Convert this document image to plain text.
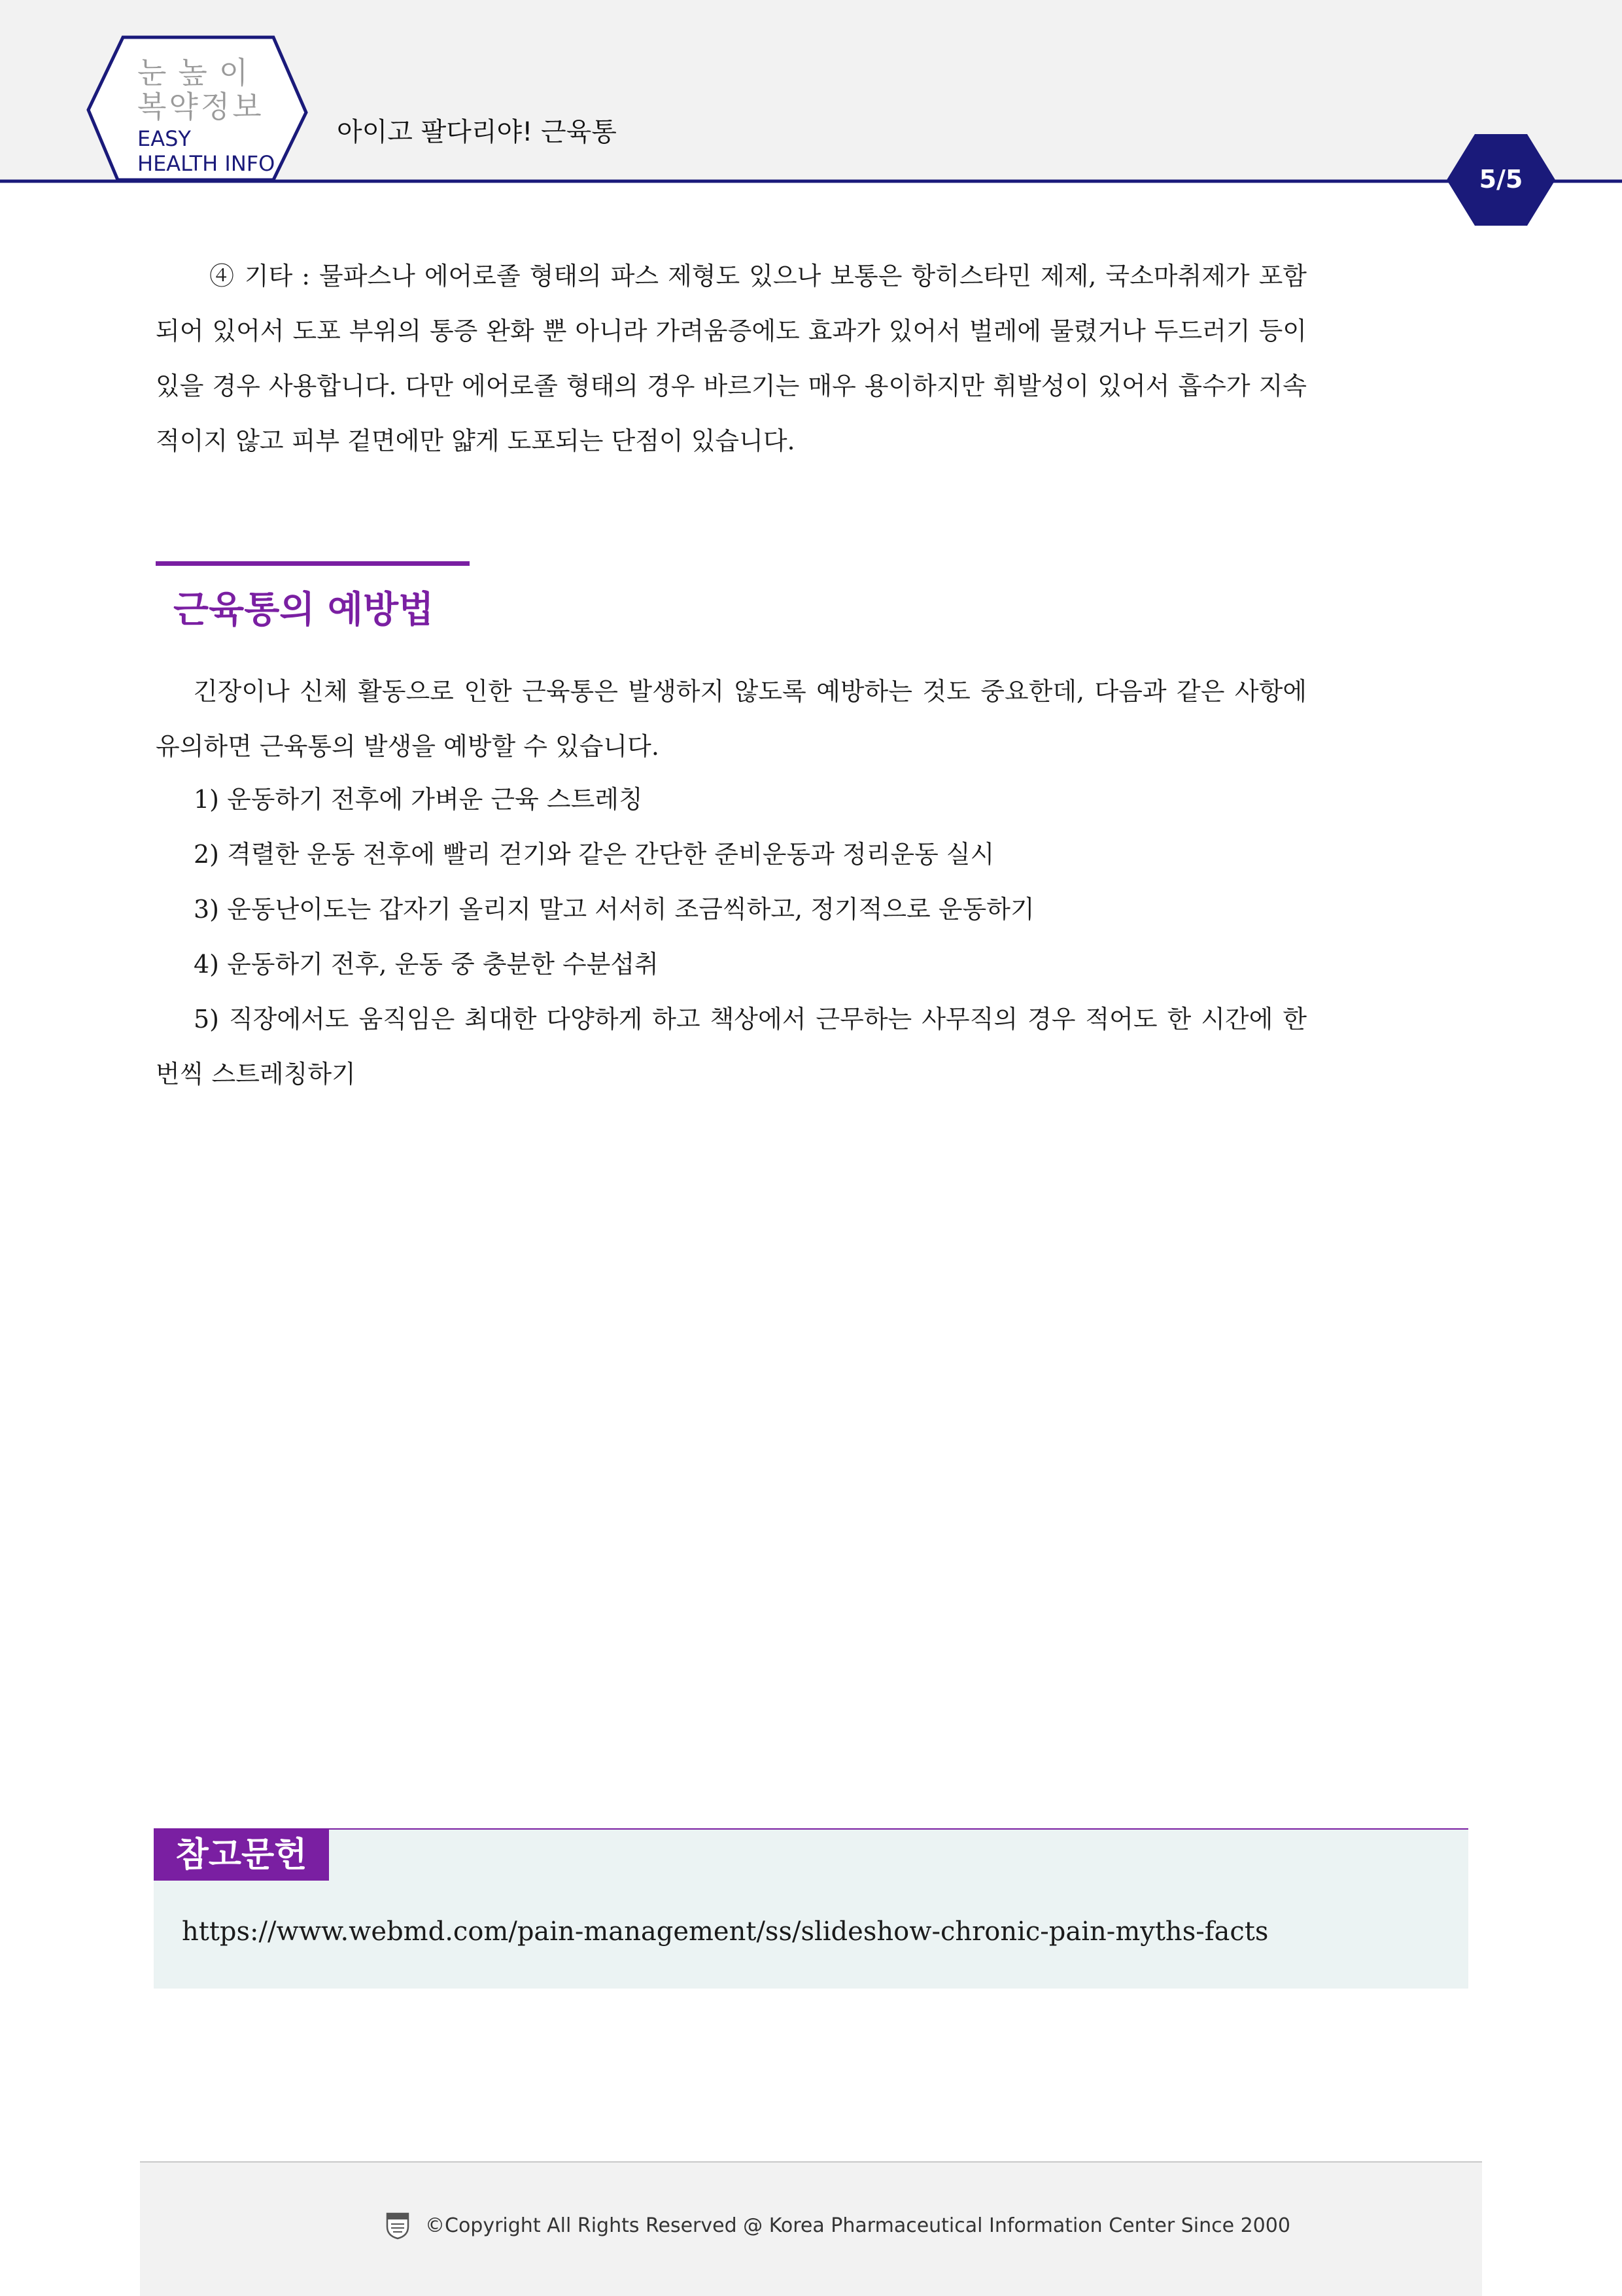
눈높이
복약정보
EASY
HEALTH INFO
아이고 팔다리야! 근육통
5/5

④ 기타 : 물파스나 에어로졸 형태의 파스 제형도 있으나 보통은 항히스타민 제제, 국소마취제가 포함되어 있어서 도포 부위의 통증 완화 뿐 아니라 가려움증에도 효과가 있어서 벌레에 물렸거나 두드러기 등이 있을 경우 사용합니다. 다만 에어로졸 형태의 경우 바르기는 매우 용이하지만 휘발성이 있어서 흡수가 지속적이지 않고 피부 겉면에만 얇게 도포되는 단점이 있습니다.

근육통의 예방법

긴장이나 신체 활동으로 인한 근육통은 발생하지 않도록 예방하는 것도 중요한데, 다음과 같은 사항에 유의하면 근육통의 발생을 예방할 수 있습니다.

1) 운동하기 전후에 가벼운 근육 스트레칭

2) 격렬한 운동 전후에 빨리 걷기와 같은 간단한 준비운동과 정리운동 실시

3) 운동난이도는 갑자기 올리지 말고 서서히 조금씩하고, 정기적으로 운동하기

4) 운동하기 전후, 운동 중 충분한 수분섭취

5) 직장에서도 움직임은 최대한 다양하게 하고 책상에서 근무하는 사무직의 경우 적어도 한 시간에 한 번씩 스트레칭하기

참고문헌
https://www.webmd.com/pain-management/ss/slideshow-chronic-pain-myths-facts
©Copyright All Rights Reserved @ Korea Pharmaceutical Information Center Since 2000
